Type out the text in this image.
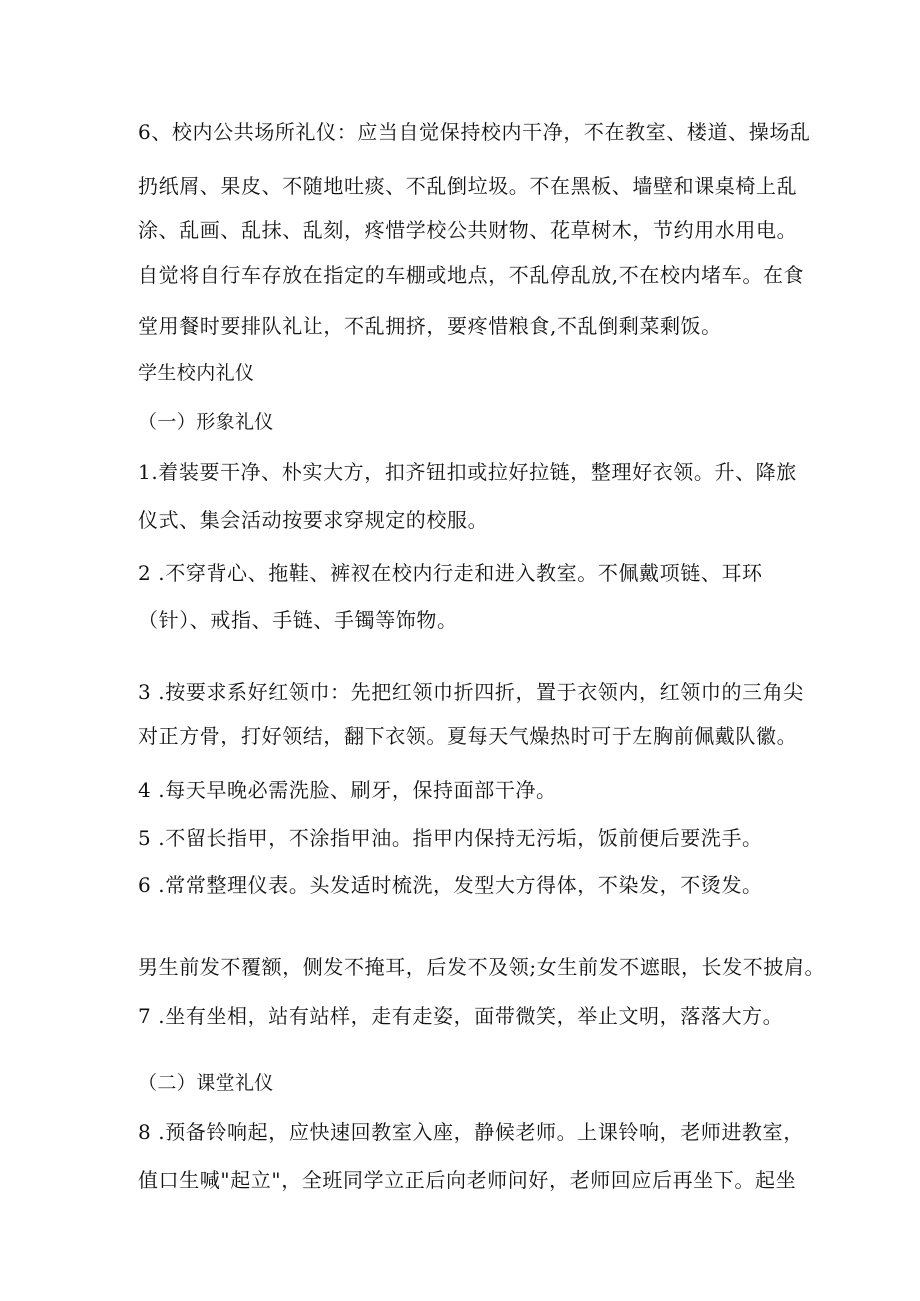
6、校内公共场所礼仪：应当自觉保持校内干净，不在教室、楼道、操场乱

扔纸屑、果皮、不随地吐痰、不乱倒垃圾。不在黑板、墙壁和课桌椅上乱

涂、乱画、乱抹、乱刻，疼惜学校公共财物、花草树木，节约用水用电。

自觉将自行车存放在指定的车棚或地点，不乱停乱放,不在校内堵车。在食

堂用餐时要排队礼让，不乱拥挤，要疼惜粮食,不乱倒剩菜剩饭。

学生校内礼仪

（一）形象礼仪

1.着装要干净、朴实大方，扣齐钮扣或拉好拉链，整理好衣领。升、降旅

仪式、集会活动按要求穿规定的校服。

2 .不穿背心、拖鞋、裤衩在校内行走和进入教室。不佩戴项链、耳环

（针）、戒指、手链、手镯等饰物。

3 .按要求系好红领巾：先把红领巾折四折，置于衣领内，红领巾的三角尖

对正方骨，打好领结，翻下衣领。夏每天气燥热时可于左胸前佩戴队徽。

4 .每天早晚必需洗脸、刷牙，保持面部干净。

5 .不留长指甲，不涂指甲油。指甲内保持无污垢，饭前便后要洗手。

6 .常常整理仪表。头发适时梳洗，发型大方得体，不染发，不烫发。

男生前发不覆额，侧发不掩耳，后发不及领;女生前发不遮眼，长发不披肩。

7 .坐有坐相，站有站样，走有走姿，面带微笑，举止文明，落落大方。

（二）课堂礼仪

8 .预备铃响起，应快速回教室入座，静候老师。上课铃响，老师进教室，

值口生喊"起立"，全班同学立正后向老师问好，老师回应后再坐下。起坐
